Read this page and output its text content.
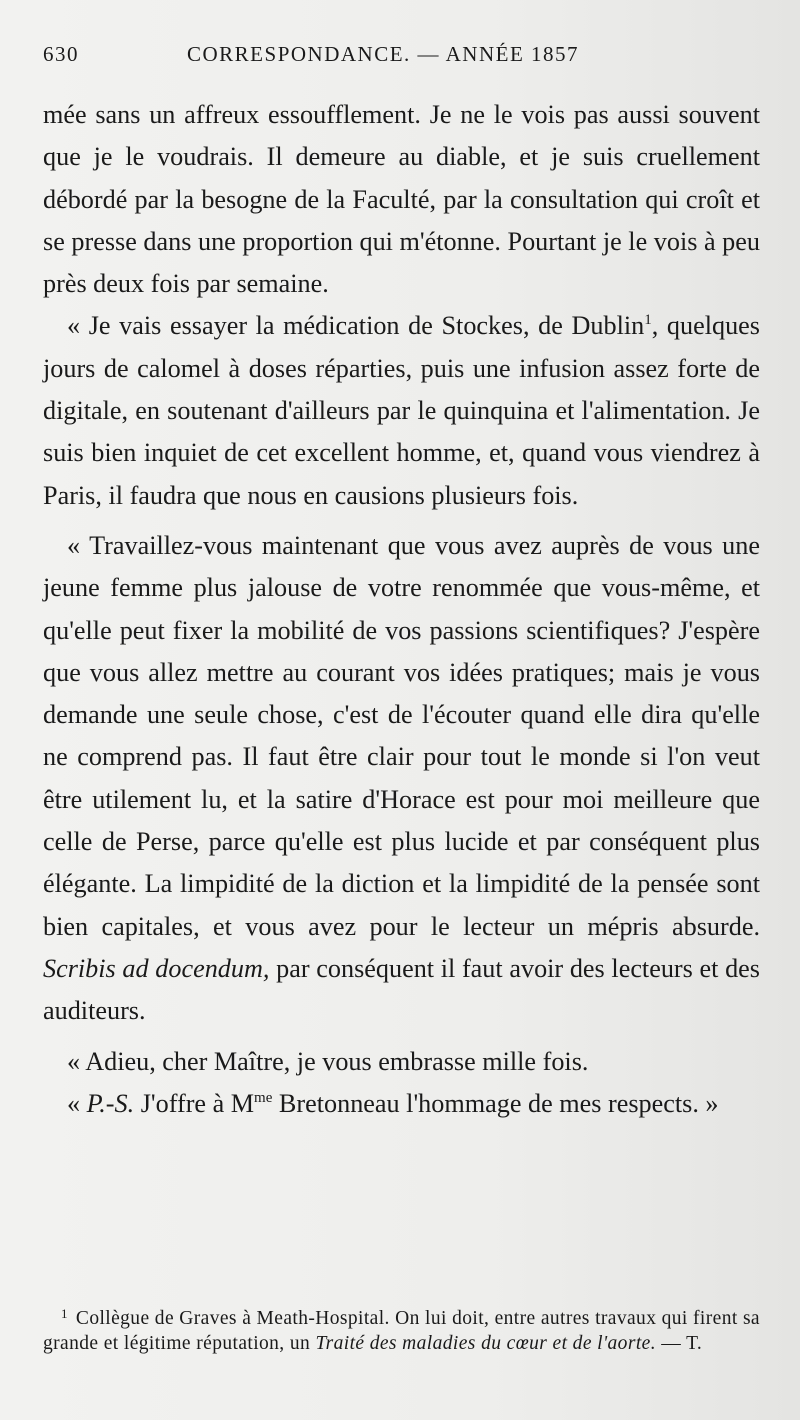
630	CORRESPONDANCE. — ANNÉE 1857

mée sans un affreux essoufflement. Je ne le vois pas aussi souvent que je le voudrais. Il demeure au diable, et je suis cruellement débordé par la besogne de la Faculté, par la consultation qui croît et se presse dans une proportion qui m'étonne. Pourtant je le vois à peu près deux fois par semaine.

« Je vais essayer la médication de Stockes, de Dublin$^1$, quelques jours de calomel à doses réparties, puis une infusion assez forte de digitale, en soutenant d'ailleurs par le quinquina et l'alimentation. Je suis bien inquiet de cet excellent homme, et, quand vous viendrez à Paris, il faudra que nous en causions plusieurs fois.

« Travaillez-vous maintenant que vous avez auprès de vous une jeune femme plus jalouse de votre renommée que vous-même, et qu'elle peut fixer la mobilité de vos passions scientifiques? J'espère que vous allez mettre au courant vos idées pratiques; mais je vous demande une seule chose, c'est de l'écouter quand elle dira qu'elle ne comprend pas. Il faut être clair pour tout le monde si l'on veut être utilement lu, et la satire d'Horace est pour moi meilleure que celle de Perse, parce qu'elle est plus lucide et par conséquent plus élégante. La limpidité de la diction et la limpidité de la pensée sont bien capitales, et vous avez pour le lecteur un mépris absurde. Scribis ad docendum, par conséquent il faut avoir des lecteurs et des auditeurs.

« Adieu, cher Maître, je vous embrasse mille fois.

« P.-S. J'offre à $M^{me}$ Bretonneau l'hommage de mes respects. »

$^1$ Collègue de Graves à Meath-Hospital. On lui doit, entre autres travaux qui firent sa grande et légitime réputation, un Traité des maladies du cœur et de l'aorte. — T.
